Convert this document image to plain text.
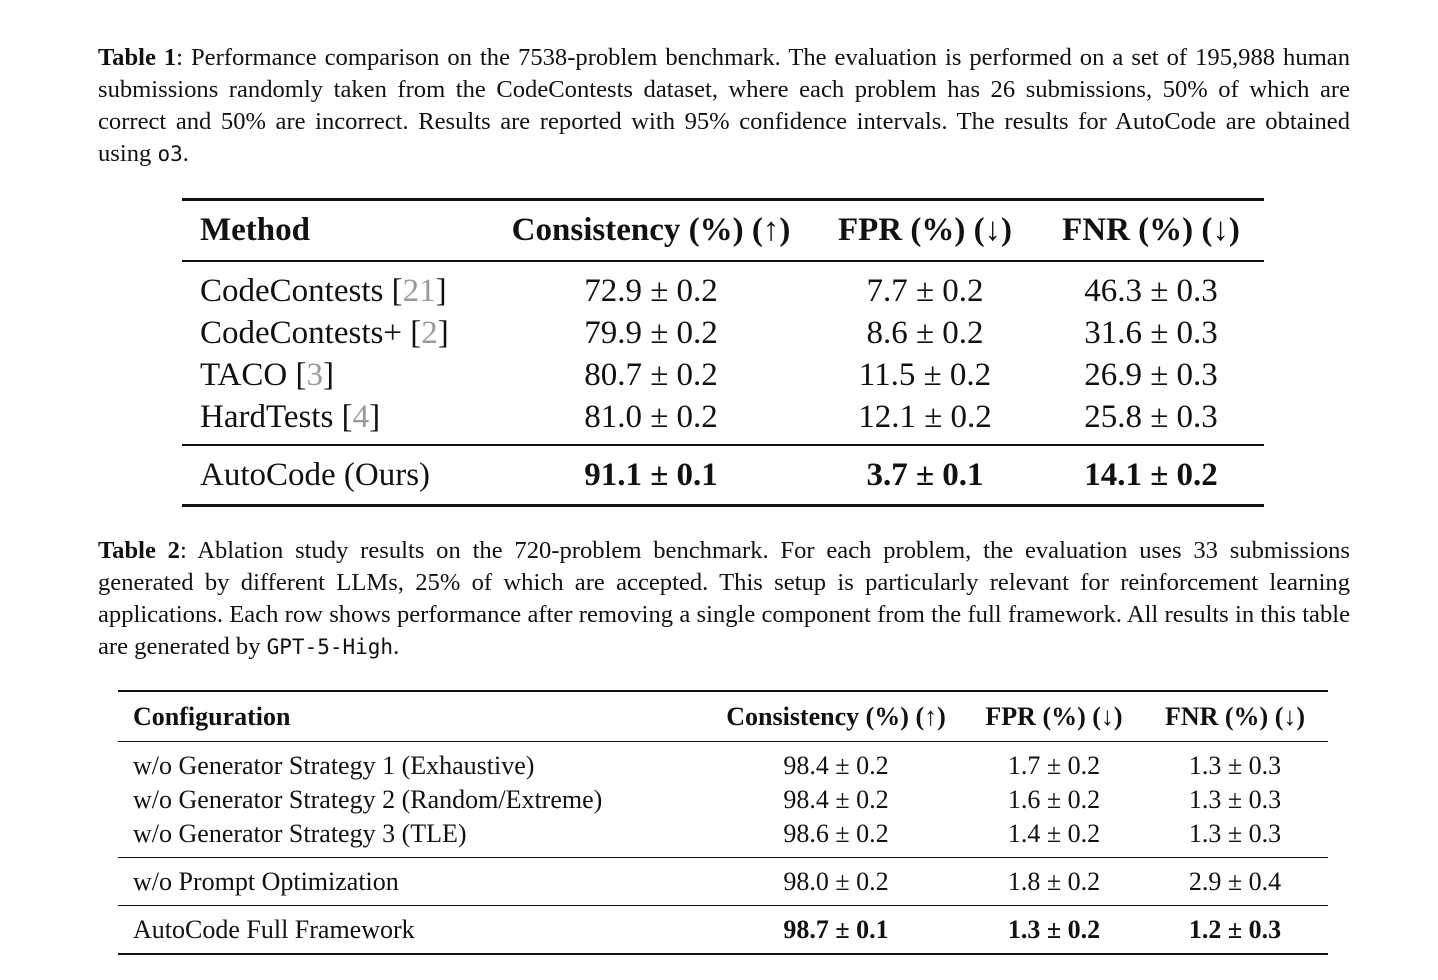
Table 1: Performance comparison on the 7538-problem benchmark. The evaluation is performed on a set of 195,988 human submissions randomly taken from the CodeContests dataset, where each problem has 26 submissions, 50% of which are correct and 50% are incorrect. Results are reported with 95% confidence intervals. The results for AutoCode are obtained using o3.

Method	Consistency (%) (↑)	FPR (%) (↓)	FNR (%) (↓)
CodeContests [21]	72.9 ± 0.2	7.7 ± 0.2	46.3 ± 0.3
CodeContests+ [2]	79.9 ± 0.2	8.6 ± 0.2	31.6 ± 0.3
TACO [3]	80.7 ± 0.2	11.5 ± 0.2	26.9 ± 0.3
HardTests [4]	81.0 ± 0.2	12.1 ± 0.2	25.8 ± 0.3
AutoCode (Ours)	91.1 ± 0.1	3.7 ± 0.1	14.1 ± 0.2

Table 2: Ablation study results on the 720-problem benchmark. For each problem, the evaluation uses 33 submissions generated by different LLMs, 25% of which are accepted. This setup is particularly relevant for reinforcement learning applications. Each row shows performance after removing a single component from the full framework. All results in this table are generated by GPT-5-High.

Configuration	Consistency (%) (↑)	FPR (%) (↓)	FNR (%) (↓)
w/o Generator Strategy 1 (Exhaustive)	98.4 ± 0.2	1.7 ± 0.2	1.3 ± 0.3
w/o Generator Strategy 2 (Random/Extreme)	98.4 ± 0.2	1.6 ± 0.2	1.3 ± 0.3
w/o Generator Strategy 3 (TLE)	98.6 ± 0.2	1.4 ± 0.2	1.3 ± 0.3
w/o Prompt Optimization	98.0 ± 0.2	1.8 ± 0.2	2.9 ± 0.4
AutoCode Full Framework	98.7 ± 0.1	1.3 ± 0.2	1.2 ± 0.3
